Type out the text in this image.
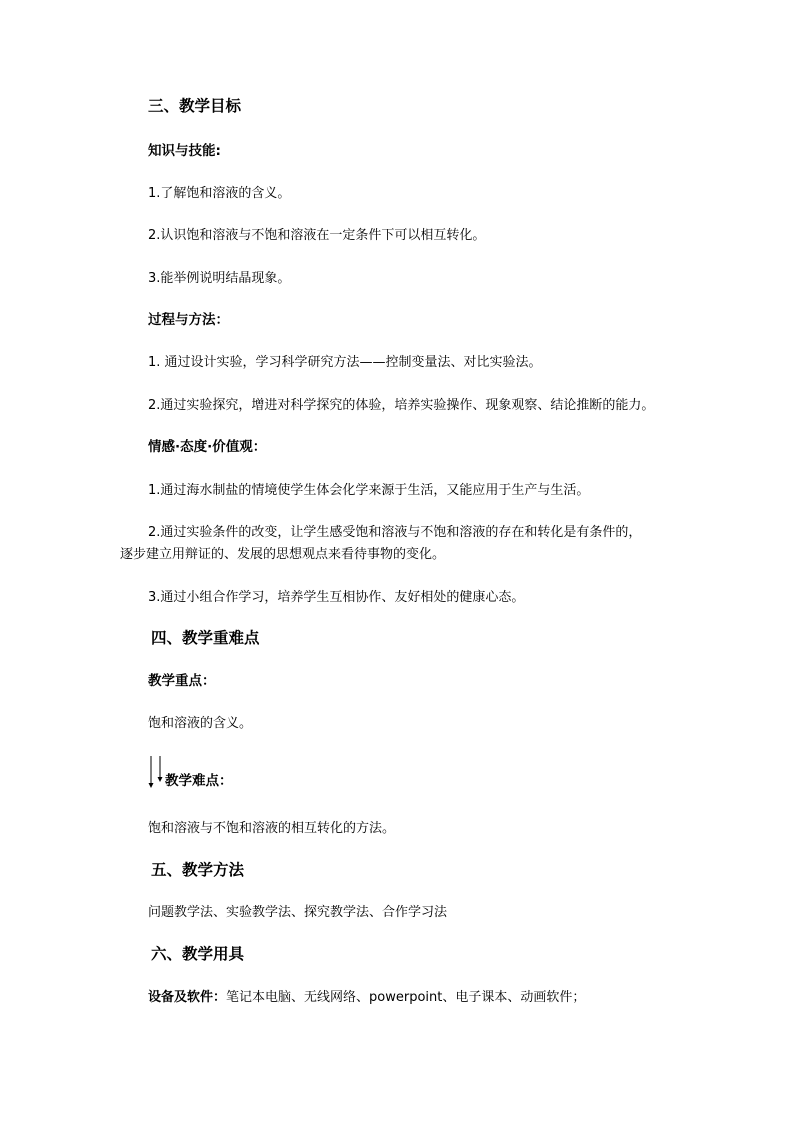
三、教学目标
知识与技能:
1.了解饱和溶液的含义。
2.认识饱和溶液与不饱和溶液在一定条件下可以相互转化。
3.能举例说明结晶现象。
过程与方法：
1. 通过设计实验，学习科学研究方法——控制变量法、对比实验法。
2.通过实验探究，增进对科学探究的体验，培养实验操作、现象观察、结论推断的能力。
情感·态度·价值观：
1.通过海水制盐的情境使学生体会化学来源于生活，又能应用于生产与生活。
2.通过实验条件的改变，让学生感受饱和溶液与不饱和溶液的存在和转化是有条件的，
逐步建立用辩证的、发展的思想观点来看待事物的变化。
3.通过小组合作学习，培养学生互相协作、友好相处的健康心态。
四、教学重难点
教学重点：
饱和溶液的含义。
教学难点：
饱和溶液与不饱和溶液的相互转化的方法。
五、教学方法
问题教学法、实验教学法、探究教学法、合作学习法
六、教学用具
设备及软件：笔记本电脑、无线网络、powerpoint、电子课本、动画软件；
